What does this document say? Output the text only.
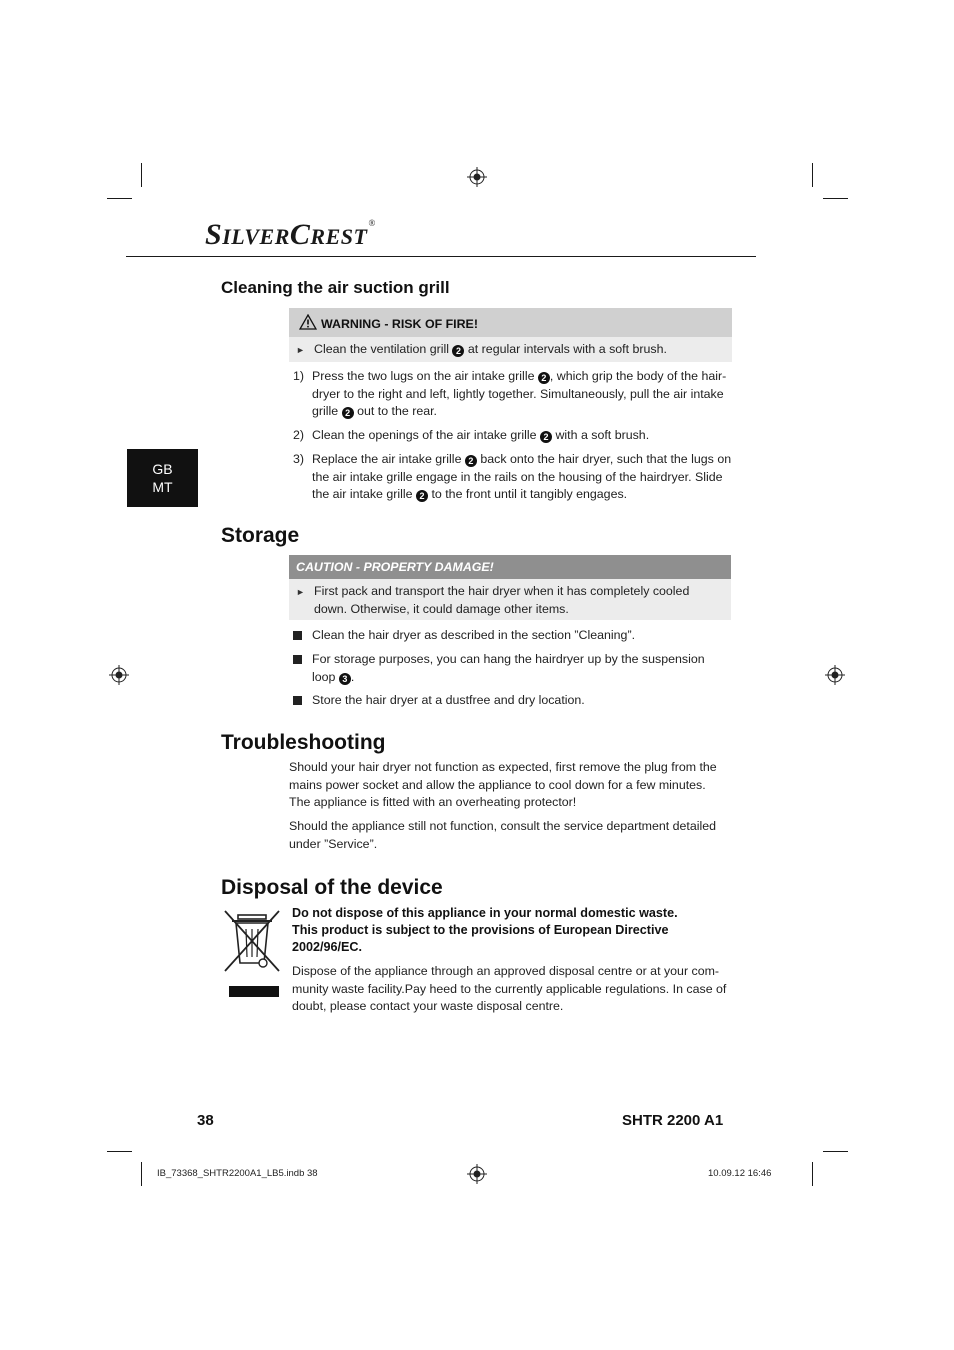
SILVERCREST®
GB
MT
Cleaning the air suction grill
WARNING - RISK OF FIRE!
► Clean the ventilation grill 2 at regular intervals with a soft brush.
1) Press the two lugs on the air intake grille 2 , which grip the body of the hair-
dryer to the right and left, lightly together. Simultaneously, pull the air intake
grille 2 out to the rear.
2) Clean the openings of the air intake grille 2 with a soft brush.
3) Replace the air intake grille 2 back onto the hair dryer, such that the lugs on
the air intake grille engage in the rails on the housing of the hairdryer. Slide
the air intake grille 2 to the front until it tangibly engages.
Storage
CAUTION - PROPERTY DAMAGE!
► First pack and transport the hair dryer when it has completely cooled
down. Otherwise, it could damage other items.
Clean the hair dryer as described in the section ”Cleaning”.
For storage purposes, you can hang the hairdryer up by the suspension
loop 3 .
Store the hair dryer at a dustfree and dry location.
Troubleshooting
Should your hair dryer not function as expected, first remove the plug from the
mains power socket and allow the appliance to cool down for a few minutes.
The appliance is fitted with an overheating protector!
Should the appliance still not function, consult the service department detailed
under ”Service”.
Disposal of the device
Do not dispose of this appliance in your normal domestic waste.
This product is subject to the provisions of European Directive
2002/96/EC.
Dispose of the appliance through an approved disposal centre or at your com-
munity waste facility.Pay heed to the currently applicable regulations. In case of
doubt, please contact your waste disposal centre.
38	SHTR 2200 A1
IB_73368_SHTR2200A1_LB5.indb 38	10.09.12 16:46
